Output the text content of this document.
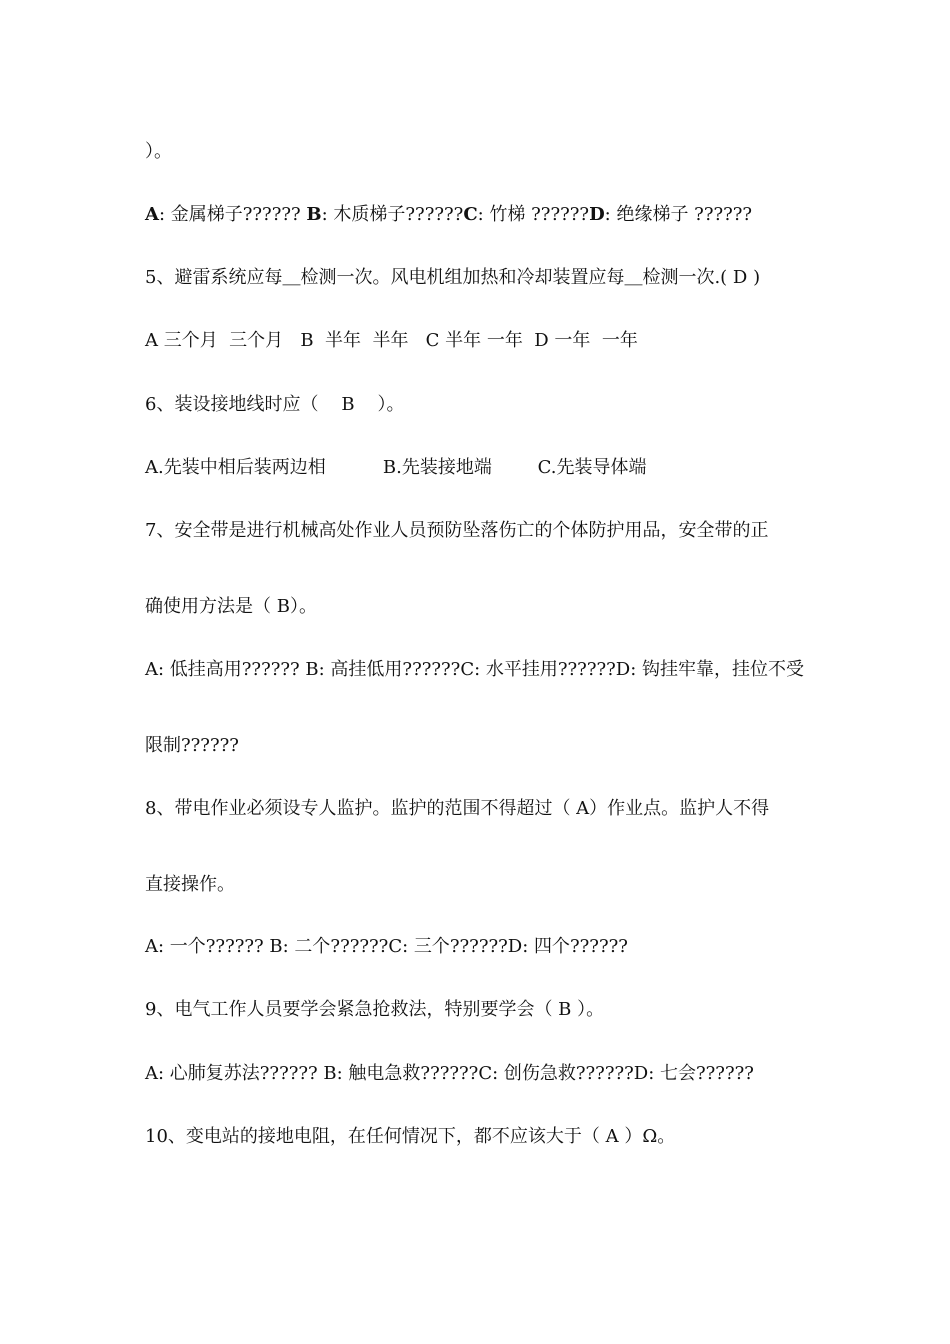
）。
A: 金属梯子?????? B: 木质梯子??????C: 竹梯 ??????D: 绝缘梯子 ??????
5、避雷系统应每＿检测一次。风电机组加热和冷却装置应每＿检测一次.( D )
A 三个月  三个月   B  半年  半年   C 半年 一年  D 一年  一年
6、装设接地线时应（    B    ）。
A.先装中相后装两边相          B.先装接地端        C.先装导体端
7、安全带是进行机械高处作业人员预防坠落伤亡的个体防护用品，安全带的正
确使用方法是（ B）。
A: 低挂高用?????? B: 高挂低用??????C: 水平挂用??????D: 钩挂牢靠，挂位不受
限制??????
8、带电作业必须设专人监护。监护的范围不得超过（ A）作业点。监护人不得
直接操作。
A: 一个?????? B: 二个??????C: 三个??????D: 四个??????
9、电气工作人员要学会紧急抢救法，特别要学会（ B ）。
A: 心肺复苏法?????? B: 触电急救??????C: 创伤急救??????D: 七会??????
10、变电站的接地电阻，在任何情况下，都不应该大于（ A ）Ω。
